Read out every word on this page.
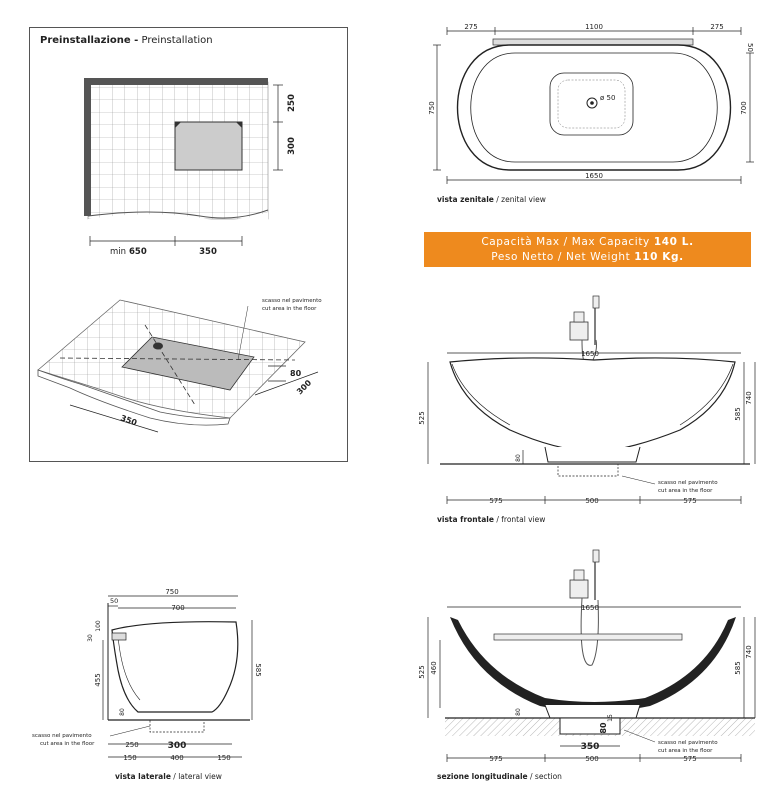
Preinstallazione - Preinstallation
250
300
min 650	350
scasso nel pavimento
cut area in the floor
80
300
350
275	1100	275
50
ø 50
750	700
1650
1650
525
80
585
740
scasso nel pavimento
cut area in the floor
575	500	575
750
50
700
100
30
455
80
585
scasso nel pavimento
cut area in the floor	250	300
150	400	150
1650
525 460
80
15
80
585
740
350	scasso nel pavimento
cut area in the floor
575	500	575
Capacità Max / Max Capacity 140 L.
Peso Netto / Net Weight 110 Kg.
vista zenitale / zenital view
vista frontale / frontal view
vista laterale / lateral view	sezione longitudinale / section
